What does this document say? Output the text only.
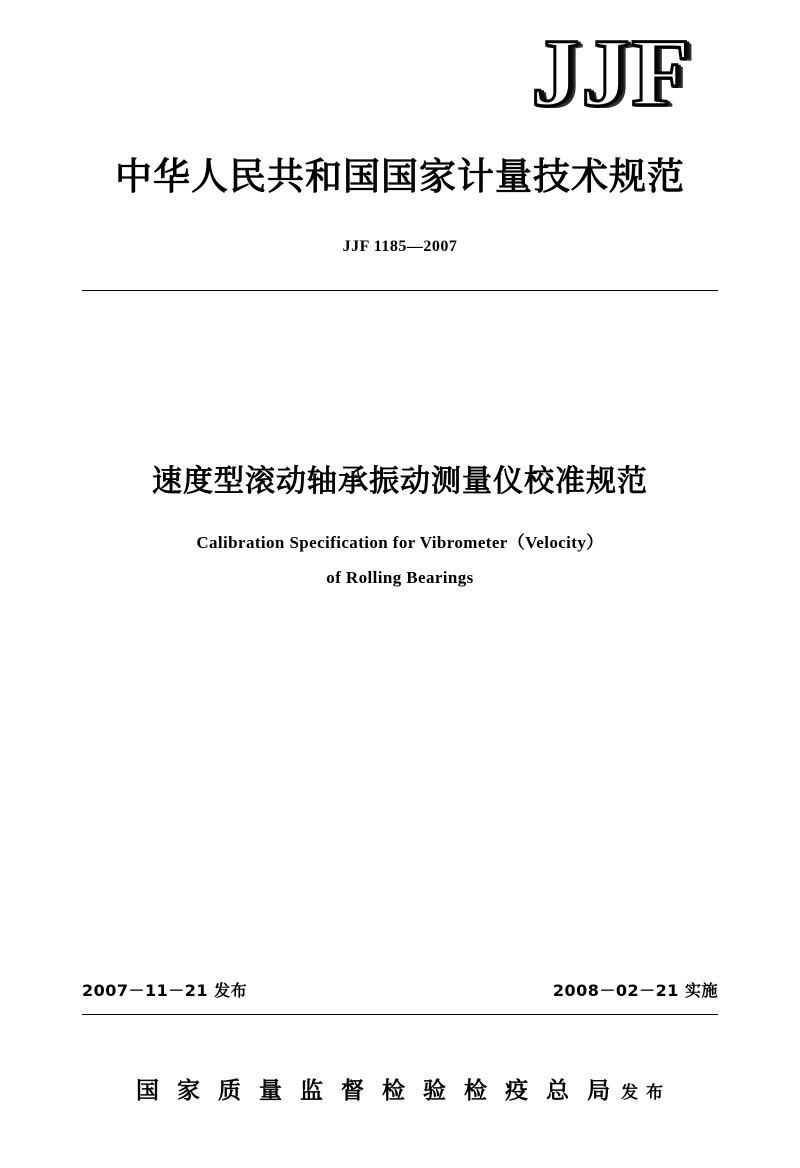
JJF
中华人民共和国国家计量技术规范
JJF 1185—2007
速度型滚动轴承振动测量仪校准规范
Calibration Specification for Vibrometer（Velocity）
of Rolling Bearings
2007－11－21 发布	2008－02－21 实施
国 家 质 量 监 督 检 验 检 疫 总 局 发 布
